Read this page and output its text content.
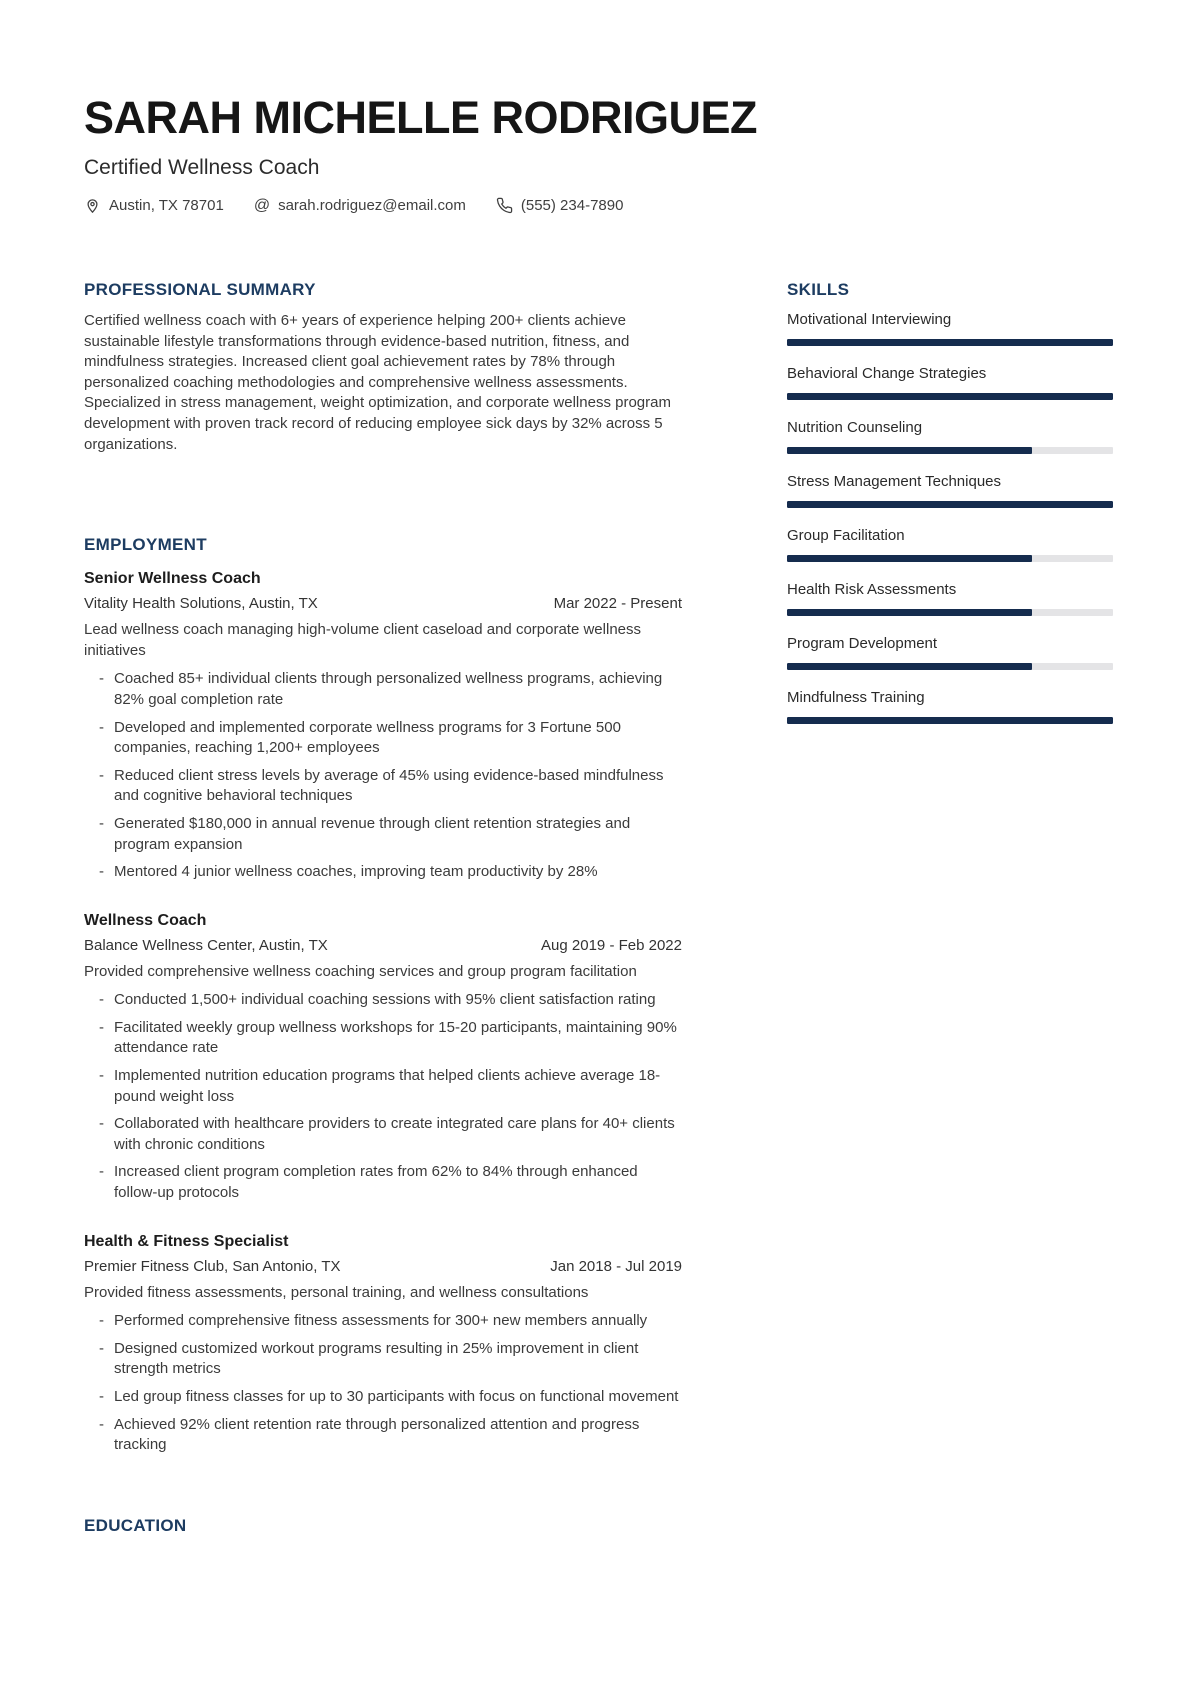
SARAH MICHELLE RODRIGUEZ
Certified Wellness Coach
Austin, TX 78701 @ sarah.rodriguez@email.com	(555) 234-7890
PROFESSIONAL SUMMARY

Certified wellness coach with 6+ years of experience helping 200+ clients achieve sustainable lifestyle transformations through evidence-based nutrition, fitness, and mindfulness strategies. Increased client goal achievement rates by 78% through personalized coaching methodologies and comprehensive wellness assessments. Specialized in stress management, weight optimization, and corporate wellness program development with proven track record of reducing employee sick days by 32% across 5 organizations.

EMPLOYMENT
Senior Wellness Coach
Vitality Health Solutions, Austin, TX	Mar 2022 - Present

Lead wellness coach managing high-volume client caseload and corporate wellness initiatives

- Coached 85+ individual clients through personalized wellness programs, achieving 82% goal completion rate
- Developed and implemented corporate wellness programs for 3 Fortune 500 companies, reaching 1,200+ employees
- Reduced client stress levels by average of 45% using evidence-based mindfulness and cognitive behavioral techniques
- Generated $180,000 in annual revenue through client retention strategies and program expansion
- Mentored 4 junior wellness coaches, improving team productivity by 28%
Wellness Coach
Balance Wellness Center, Austin, TX	Aug 2019 - Feb 2022

Provided comprehensive wellness coaching services and group program facilitation

- Conducted 1,500+ individual coaching sessions with 95% client satisfaction rating
- Facilitated weekly group wellness workshops for 15-20 participants, maintaining 90% attendance rate
- Implemented nutrition education programs that helped clients achieve average 18-pound weight loss
- Collaborated with healthcare providers to create integrated care plans for 40+ clients with chronic conditions
- Increased client program completion rates from 62% to 84% through enhanced follow-up protocols
Health & Fitness Specialist
Premier Fitness Club, San Antonio, TX	Jan 2018 - Jul 2019

Provided fitness assessments, personal training, and wellness consultations

- Performed comprehensive fitness assessments for 300+ new members annually
- Designed customized workout programs resulting in 25% improvement in client strength metrics
- Led group fitness classes for up to 30 participants with focus on functional movement
- Achieved 92% client retention rate through personalized attention and progress tracking
EDUCATION
SKILLS
Motivational Interviewing
Behavioral Change Strategies
Nutrition Counseling
Stress Management Techniques
Group Facilitation
Health Risk Assessments
Program Development
Mindfulness Training
